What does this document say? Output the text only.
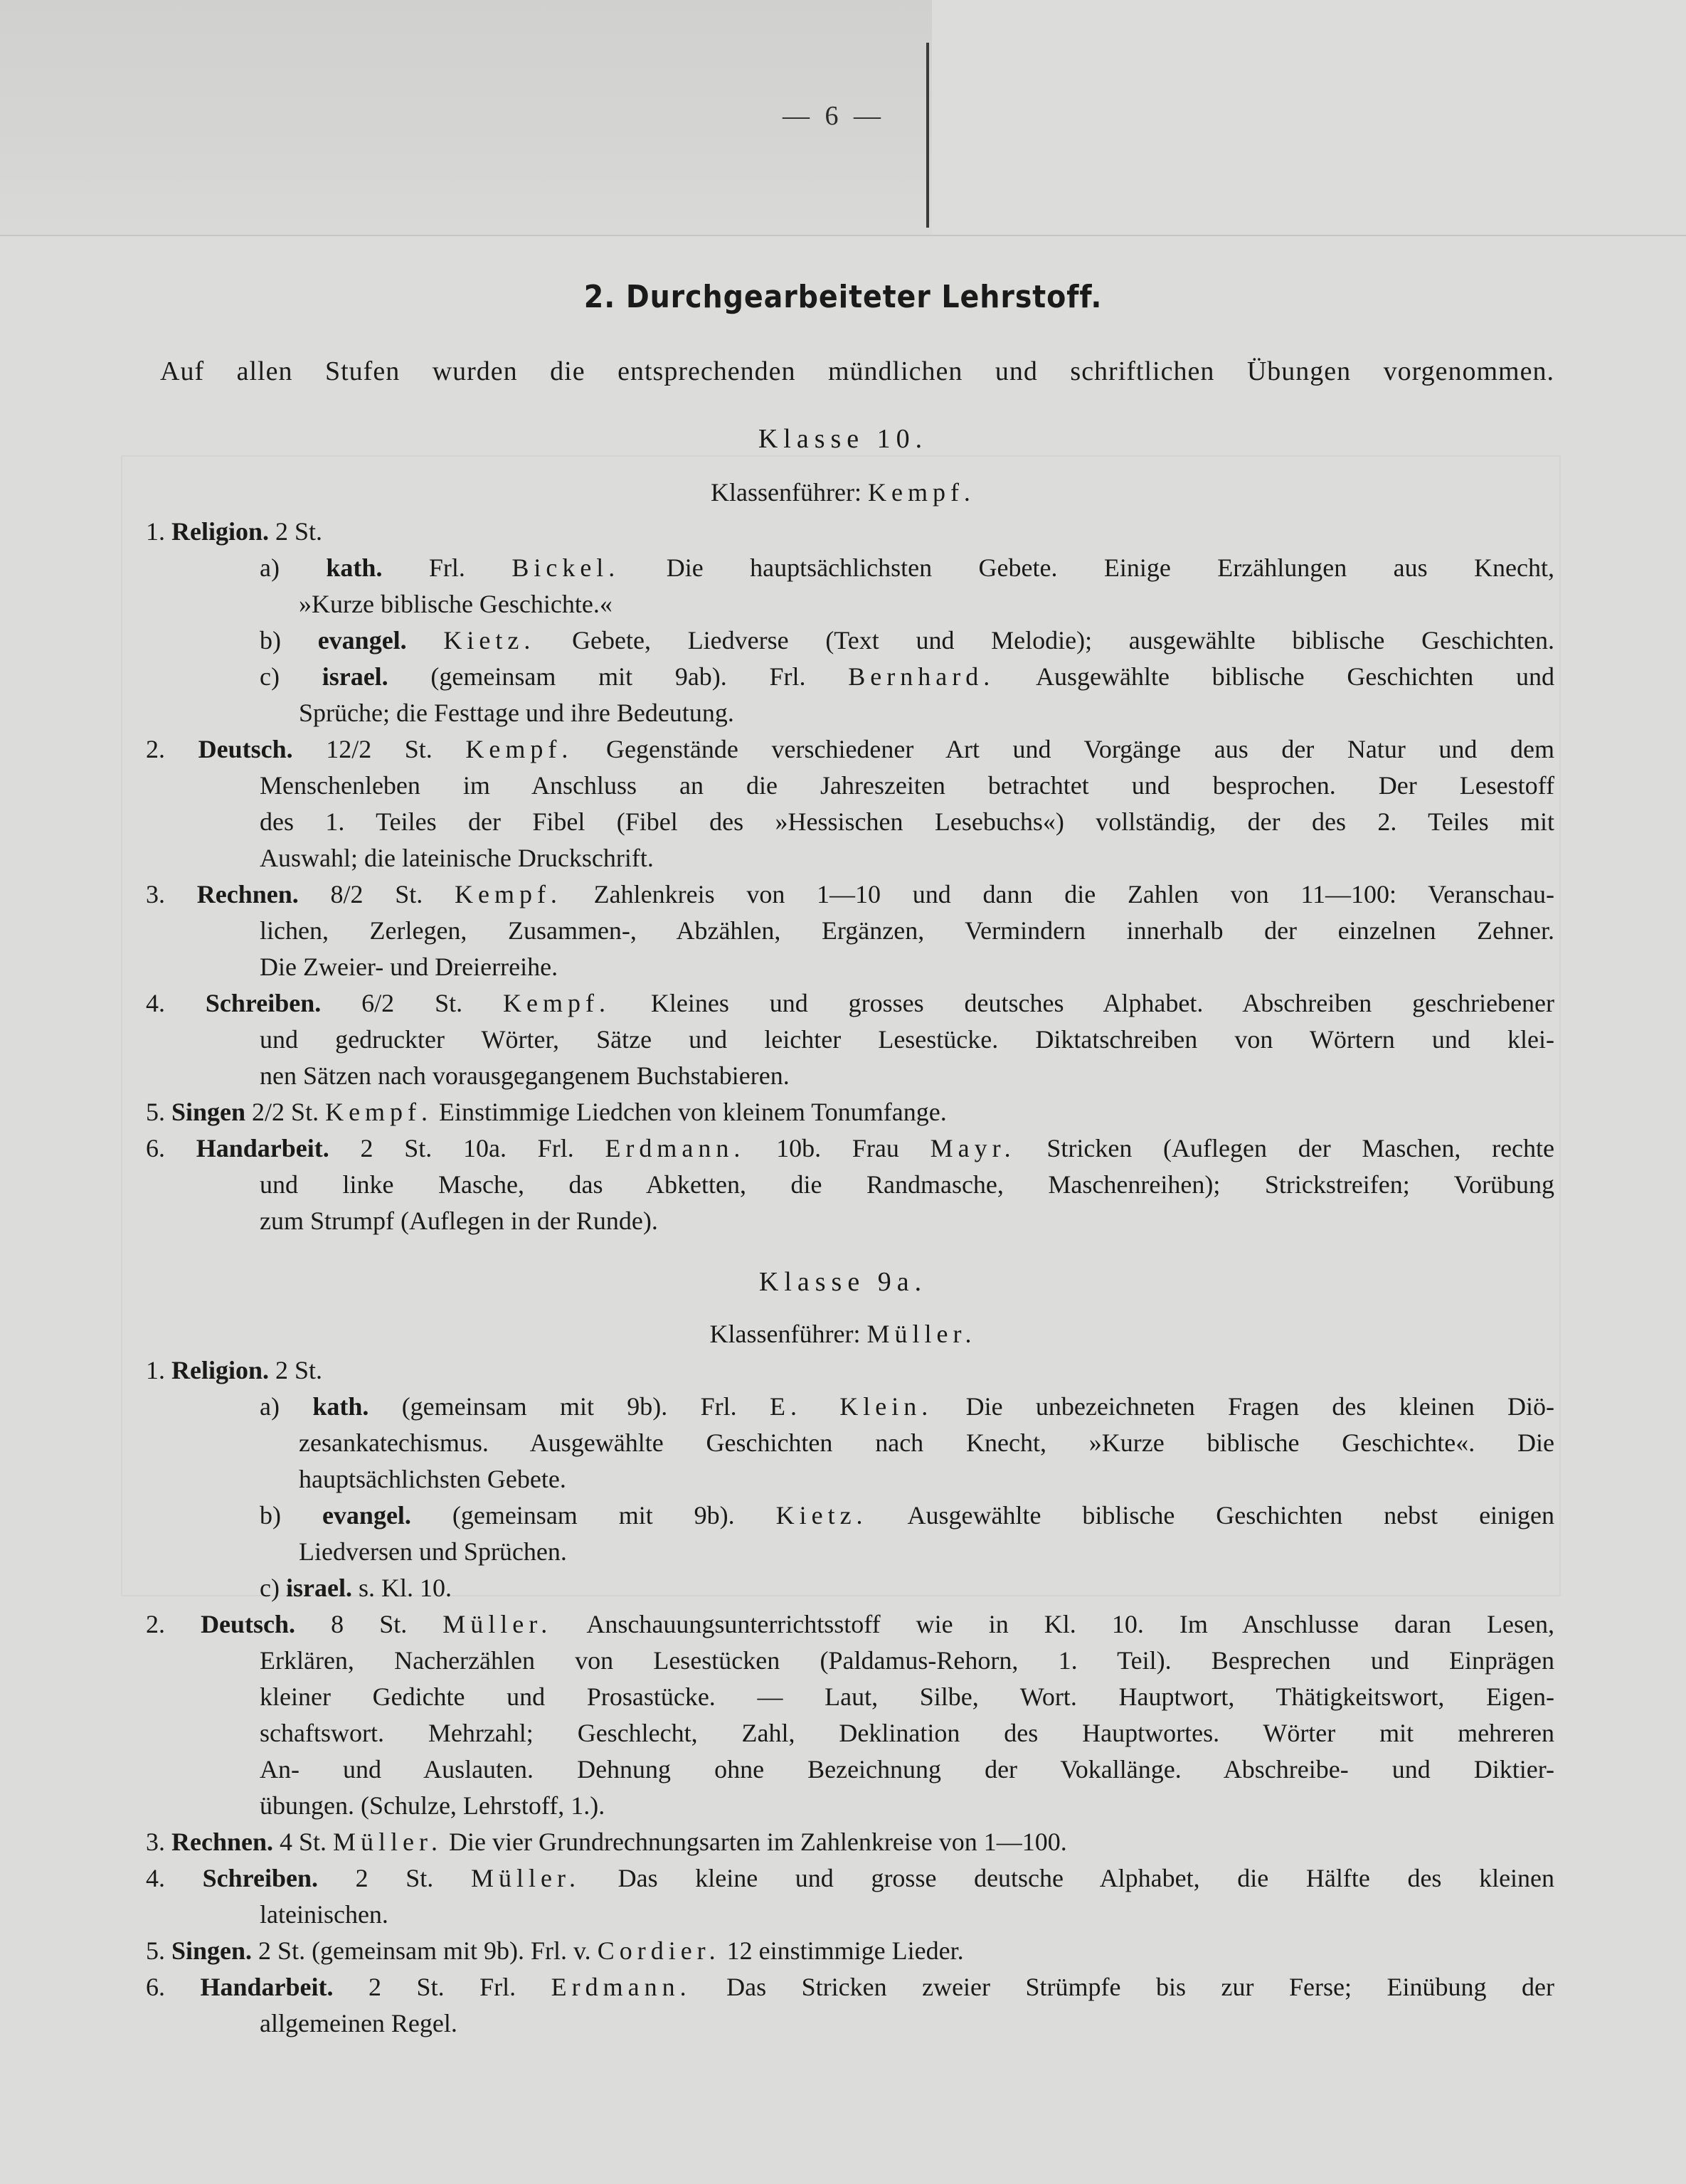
— 6 —
2. Durchgearbeiteter Lehrstoff.
Auf allen Stufen wurden die entsprechenden mündlichen und schriftlichen Übungen vorgenommen.
Klasse 10.
Klassenführer: Kempf.
1. Religion. 2 St.
a) kath. Frl. Bickel. Die hauptsächlichsten Gebete. Einige Erzählungen aus Knecht,
»Kurze biblische Geschichte.«
b) evangel. Kietz. Gebete, Liedverse (Text und Melodie); ausgewählte biblische Geschichten.
c) israel. (gemeinsam mit 9ab). Frl. Bernhard. Ausgewählte biblische Geschichten und
Sprüche; die Festtage und ihre Bedeutung.
2. Deutsch. 12/2 St. Kempf. Gegenstände verschiedener Art und Vorgänge aus der Natur und dem
Menschenleben im Anschluss an die Jahreszeiten betrachtet und besprochen. Der Lesestoff
des 1. Teiles der Fibel (Fibel des »Hessischen Lesebuchs«) vollständig, der des 2. Teiles mit
Auswahl; die lateinische Druckschrift.
3. Rechnen. 8/2 St. Kempf. Zahlenkreis von 1—10 und dann die Zahlen von 11—100: Veranschau-
lichen, Zerlegen, Zusammen-, Abzählen, Ergänzen, Vermindern innerhalb der einzelnen Zehner.
Die Zweier- und Dreierreihe.
4. Schreiben. 6/2 St. Kempf. Kleines und grosses deutsches Alphabet. Abschreiben geschriebener
und gedruckter Wörter, Sätze und leichter Lesestücke. Diktatschreiben von Wörtern und klei-
nen Sätzen nach vorausgegangenem Buchstabieren.
5. Singen 2/2 St. Kempf. Einstimmige Liedchen von kleinem Tonumfange.
6. Handarbeit. 2 St. 10a. Frl. Erdmann. 10b. Frau Mayr. Stricken (Auflegen der Maschen, rechte
und linke Masche, das Abketten, die Randmasche, Maschenreihen); Strickstreifen; Vorübung
zum Strumpf (Auflegen in der Runde).
Klasse 9a.
Klassenführer: Müller.
1. Religion. 2 St.
a) kath. (gemeinsam mit 9b). Frl. E. Klein. Die unbezeichneten Fragen des kleinen Diö-
zesankatechismus. Ausgewählte Geschichten nach Knecht, »Kurze biblische Geschichte«. Die
hauptsächlichsten Gebete.
b) evangel. (gemeinsam mit 9b). Kietz. Ausgewählte biblische Geschichten nebst einigen
Liedversen und Sprüchen.
c) israel. s. Kl. 10.
2. Deutsch. 8 St. Müller. Anschauungsunterrichtsstoff wie in Kl. 10. Im Anschlusse daran Lesen,
Erklären, Nacherzählen von Lesestücken (Paldamus-Rehorn, 1. Teil). Besprechen und Einprägen
kleiner Gedichte und Prosastücke. — Laut, Silbe, Wort. Hauptwort, Thätigkeitswort, Eigen-
schaftswort. Mehrzahl; Geschlecht, Zahl, Deklination des Hauptwortes. Wörter mit mehreren
An- und Auslauten. Dehnung ohne Bezeichnung der Vokallänge. Abschreibe- und Diktier-
übungen. (Schulze, Lehrstoff, 1.).
3. Rechnen. 4 St. Müller. Die vier Grundrechnungsarten im Zahlenkreise von 1—100.
4. Schreiben. 2 St. Müller. Das kleine und grosse deutsche Alphabet, die Hälfte des kleinen
lateinischen.
5. Singen. 2 St. (gemeinsam mit 9b). Frl. v. Cordier. 12 einstimmige Lieder.
6. Handarbeit. 2 St. Frl. Erdmann. Das Stricken zweier Strümpfe bis zur Ferse; Einübung der
allgemeinen Regel.
